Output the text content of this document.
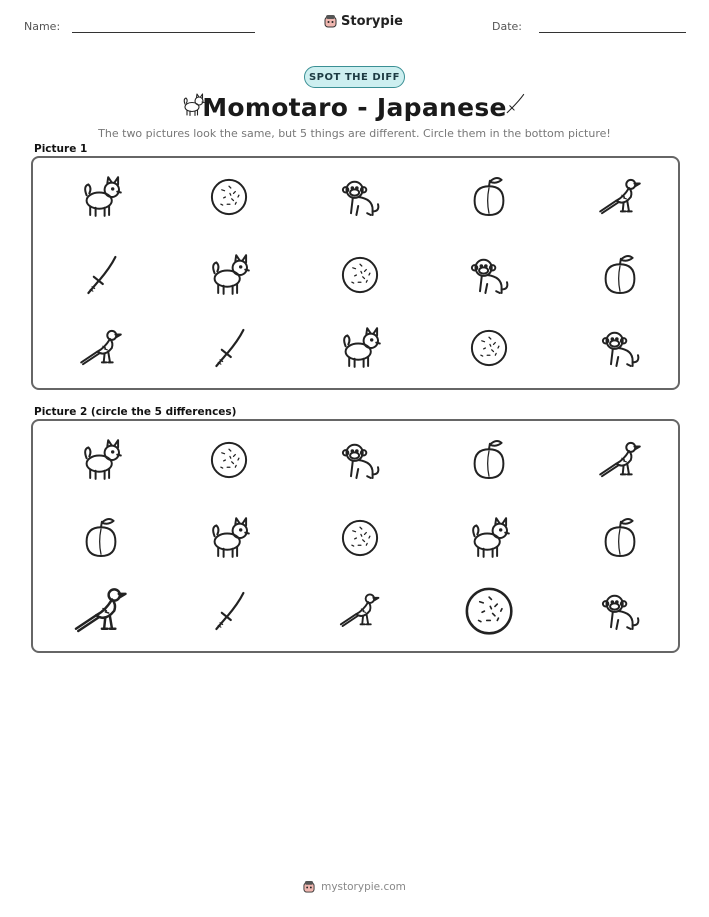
Name:	Storypie	Date:
SPOT THE DIFF
Momotaro - Japanese
The two pictures look the same, but 5 things are different. Circle them in the bottom picture!
Picture 1
Picture 2 (circle the 5 differences)
mystorypie.com
